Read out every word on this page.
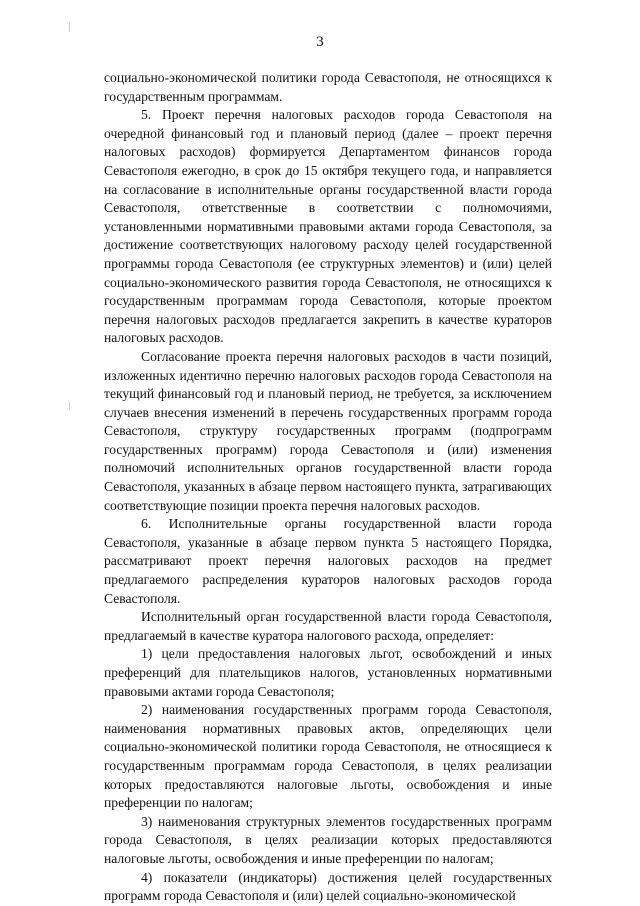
3

социально-экономической политики города Севастополя, не относящихся к государственным программам.

5. Проект перечня налоговых расходов города Севастополя на очередной финансовый год и плановый период (далее – проект перечня налоговых расходов) формируется Департаментом финансов города Севастополя ежегодно, в срок до 15 октября текущего года, и направляется на согласование в исполнительные органы государственной власти города Севастополя, ответственные в соответствии с полномочиями, установленными нормативными правовыми актами города Севастополя, за достижение соответствующих налоговому расходу целей государственной программы города Севастополя (ее структурных элементов) и (или) целей социально-экономического развития города Севастополя, не относящихся к государственным программам города Севастополя, которые проектом перечня налоговых расходов предлагается закрепить в качестве кураторов налоговых расходов.

Согласование проекта перечня налоговых расходов в части позиций, изложенных идентично перечню налоговых расходов города Севастополя на текущий финансовый год и плановый период, не требуется, за исключением случаев внесения изменений в перечень государственных программ города Севастополя, структуру государственных программ (подпрограмм государственных программ) города Севастополя и (или) изменения полномочий исполнительных органов государственной власти города Севастополя, указанных в абзаце первом настоящего пункта, затрагивающих соответствующие позиции проекта перечня налоговых расходов.

6. Исполнительные органы государственной власти города Севастополя, указанные в абзаце первом пункта 5 настоящего Порядка, рассматривают проект перечня налоговых расходов на предмет предлагаемого распределения кураторов налоговых расходов города Севастополя.

Исполнительный орган государственной власти города Севастополя, предлагаемый в качестве куратора налогового расхода, определяет:

1) цели предоставления налоговых льгот, освобождений и иных преференций для плательщиков налогов, установленных нормативными правовыми актами города Севастополя;

2) наименования государственных программ города Севастополя, наименования нормативных правовых актов, определяющих цели социально-экономической политики города Севастополя, не относящиеся к государственным программам города Севастополя, в целях реализации которых предоставляются налоговые льготы, освобождения и иные преференции по налогам;

3) наименования структурных элементов государственных программ города Севастополя, в целях реализации которых предоставляются налоговые льготы, освобождения и иные преференции по налогам;

4) показатели (индикаторы) достижения целей государственных программ города Севастополя и (или) целей социально-экономической
